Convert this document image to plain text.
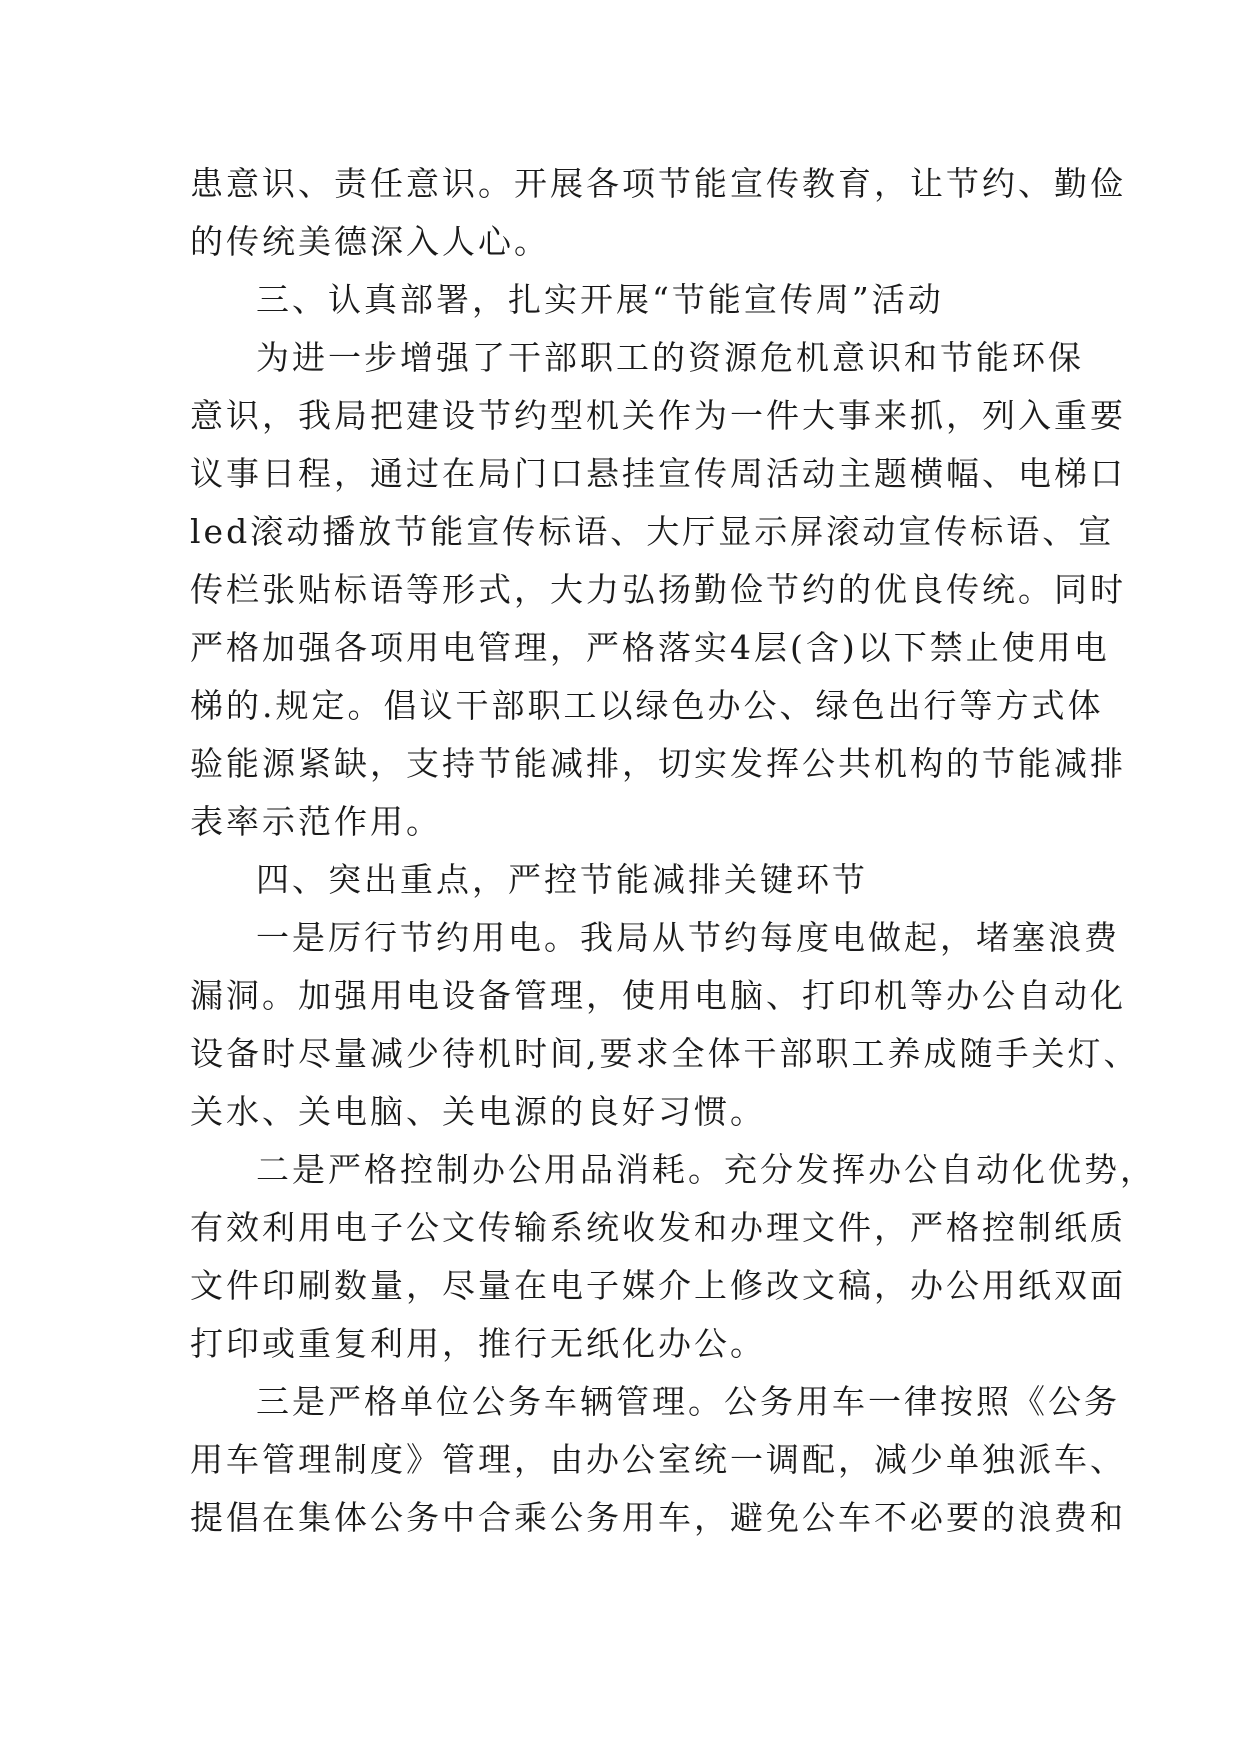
患意识、责任意识。开展各项节能宣传教育，让节约、勤俭
的传统美德深入人心。
三、认真部署，扎实开展“节能宣传周”活动
为进一步增强了干部职工的资源危机意识和节能环保
意识，我局把建设节约型机关作为一件大事来抓，列入重要
议事日程，通过在局门口悬挂宣传周活动主题横幅、电梯口
led滚动播放节能宣传标语、大厅显示屏滚动宣传标语、宣
传栏张贴标语等形式，大力弘扬勤俭节约的优良传统。同时
严格加强各项用电管理，严格落实4层(含)以下禁止使用电
梯的.规定。倡议干部职工以绿色办公、绿色出行等方式体
验能源紧缺，支持节能减排，切实发挥公共机构的节能减排
表率示范作用。
四、突出重点，严控节能减排关键环节
一是厉行节约用电。我局从节约每度电做起，堵塞浪费
漏洞。加强用电设备管理，使用电脑、打印机等办公自动化
设备时尽量减少待机时间,要求全体干部职工养成随手关灯、
关水、关电脑、关电源的良好习惯。
二是严格控制办公用品消耗。充分发挥办公自动化优势，
有效利用电子公文传输系统收发和办理文件，严格控制纸质
文件印刷数量，尽量在电子媒介上修改文稿，办公用纸双面
打印或重复利用，推行无纸化办公。
三是严格单位公务车辆管理。公务用车一律按照《公务
用车管理制度》管理，由办公室统一调配，减少单独派车、
提倡在集体公务中合乘公务用车，避免公车不必要的浪费和
